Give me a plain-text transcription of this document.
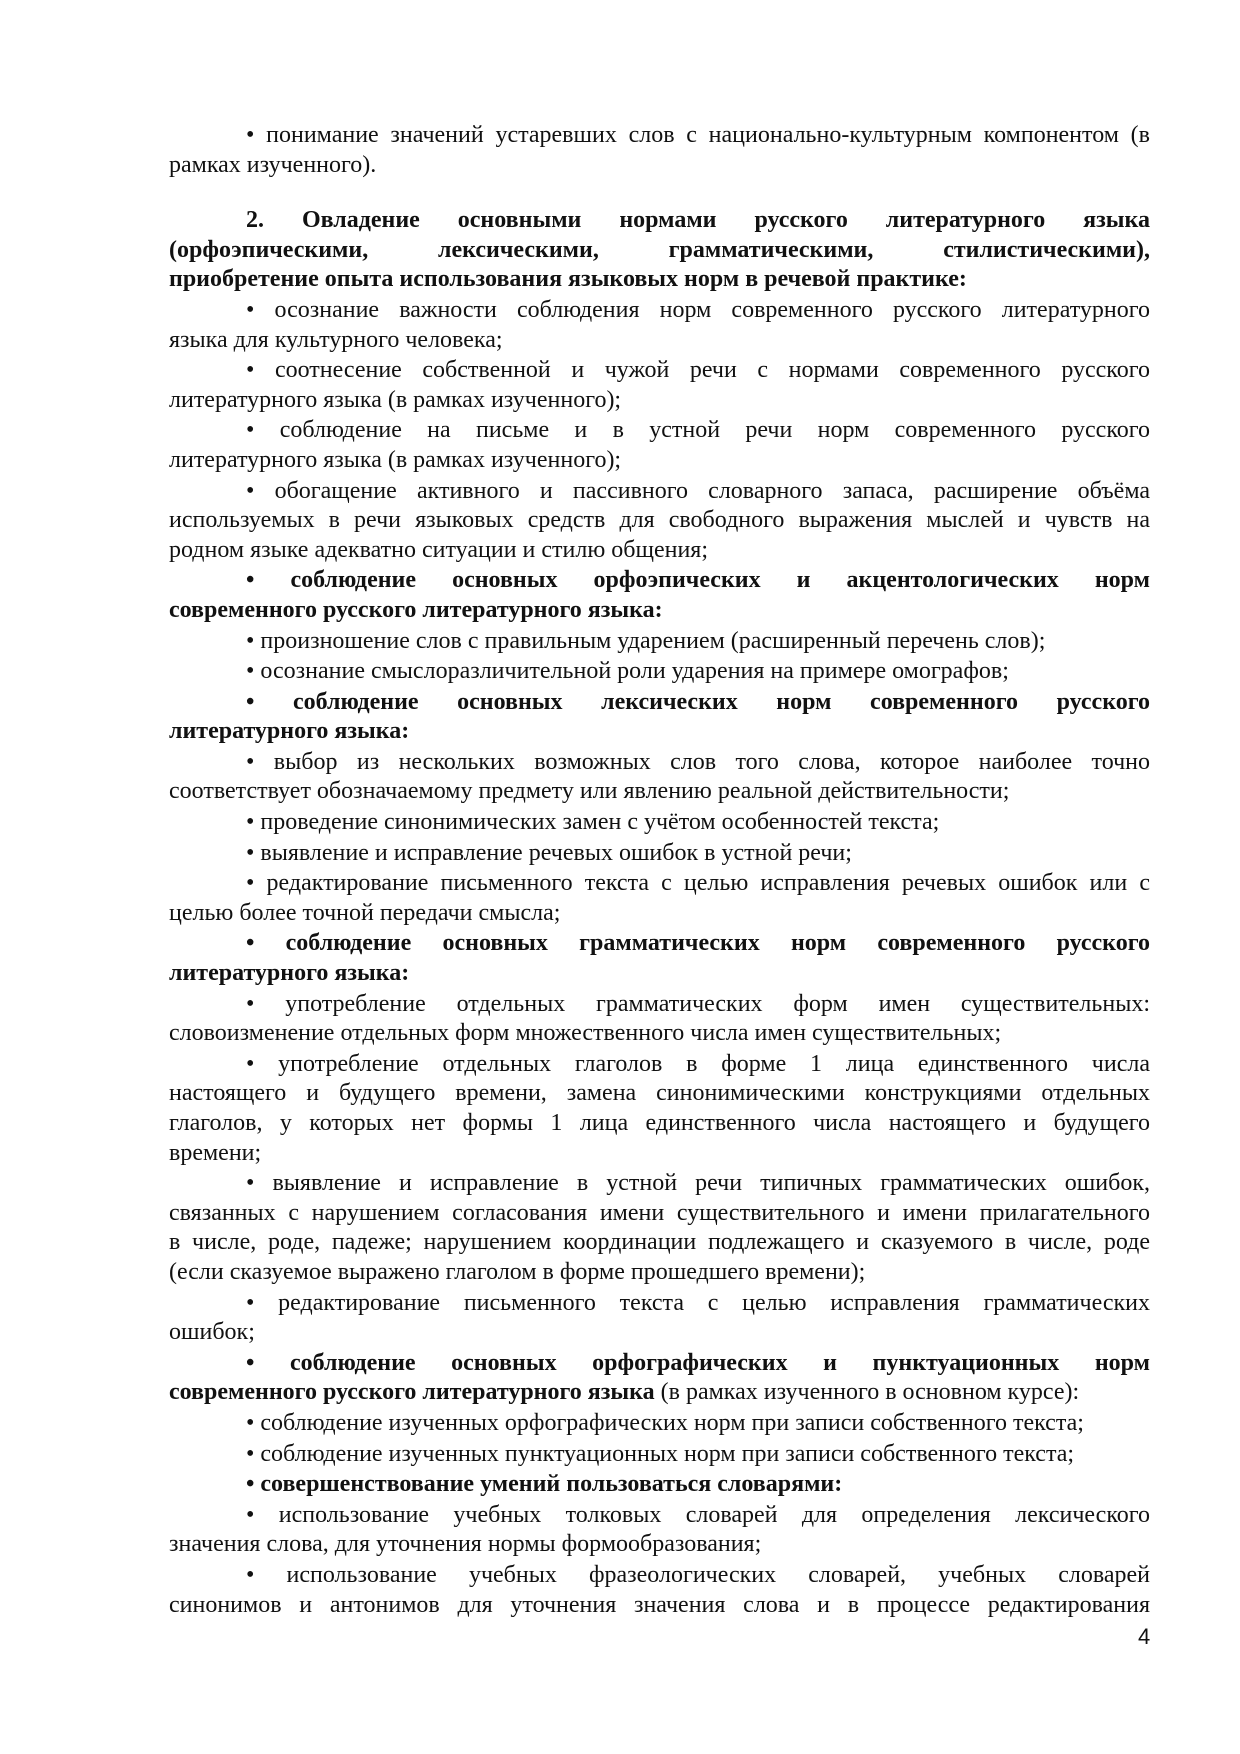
• понимание значений устаревших слов с национально-культурным компонентом (в
рамках изученного).
2. Овладение основными нормами русского литературного языка
(орфоэпическими, лексическими, грамматическими, стилистическими),
приобретение опыта использования языковых норм в речевой практике:
• осознание важности соблюдения норм современного русского литературного
языка для культурного человека;
• соотнесение собственной и чужой речи с нормами современного русского
литературного языка (в рамках изученного);
• соблюдение на письме и в устной речи норм современного русского
литературного языка (в рамках изученного);
• обогащение активного и пассивного словарного запаса, расширение объёма
используемых в речи языковых средств для свободного выражения мыслей и чувств на
родном языке адекватно ситуации и стилю общения;
• соблюдение основных орфоэпических и акцентологических норм
современного русского литературного языка:
• произношение слов с правильным ударением (расширенный перечень слов);
• осознание смыслоразличительной роли ударения на примере омографов;
• соблюдение основных лексических норм современного русского
литературного языка:
• выбор из нескольких возможных слов того слова, которое наиболее точно
соответствует обозначаемому предмету или явлению реальной действительности;
• проведение синонимических замен с учётом особенностей текста;
• выявление и исправление речевых ошибок в устной речи;
• редактирование письменного текста с целью исправления речевых ошибок или с
целью более точной передачи смысла;
• соблюдение основных грамматических норм современного русского
литературного языка:
• употребление отдельных грамматических форм имен существительных:
словоизменение отдельных форм множественного числа имен существительных;
• употребление отдельных глаголов в форме 1 лица единственного числа
настоящего и будущего времени, замена синонимическими конструкциями отдельных
глаголов, у которых нет формы 1 лица единственного числа настоящего и будущего
времени;
• выявление и исправление в устной речи типичных грамматических ошибок,
связанных с нарушением согласования имени существительного и имени прилагательного
в числе, роде, падеже; нарушением координации подлежащего и сказуемого в числе, роде
(если сказуемое выражено глаголом в форме прошедшего времени);
• редактирование письменного текста с целью исправления грамматических
ошибок;
• соблюдение основных орфографических и пунктуационных норм
современного русского литературного языка (в рамках изученного в основном курсе):
• соблюдение изученных орфографических норм при записи собственного текста;
• соблюдение изученных пунктуационных норм при записи собственного текста;
• совершенствование умений пользоваться словарями:
• использование учебных толковых словарей для определения лексического
значения слова, для уточнения нормы формообразования;
• использование учебных фразеологических словарей, учебных словарей
синонимов и антонимов для уточнения значения слова и в процессе редактирования
4
